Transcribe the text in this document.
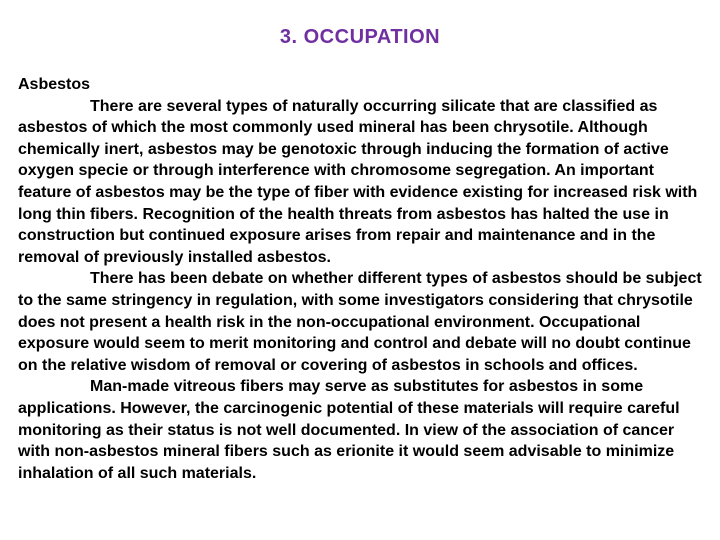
3. OCCUPATION

Asbestos

There are several types of naturally occurring silicate that are classified as asbestos of which the most commonly used mineral has been chrysotile. Although chemically inert, asbestos may be genotoxic through inducing the formation of active oxygen specie or through interference with chromosome segregation. An important feature of asbestos may be the type of fiber with evidence existing for increased risk with long thin fibers. Recognition of the health threats from asbestos has halted the use in construction but continued exposure arises from repair and maintenance and in the removal of previously installed asbestos.

There has been debate on whether different types of asbestos should be subject to the same stringency in regulation, with some investigators considering that chrysotile does not present a health risk in the non-occupational environment. Occupational exposure would seem to merit monitoring and control and debate will no doubt continue on the relative wisdom of removal or covering of asbestos in schools and offices.

Man-made vitreous fibers may serve as substitutes for asbestos in some applications. However, the carcinogenic potential of these materials will require careful monitoring as their status is not well documented. In view of the association of cancer with non-asbestos mineral fibers such as erionite it would seem advisable to minimize inhalation of all such materials.
